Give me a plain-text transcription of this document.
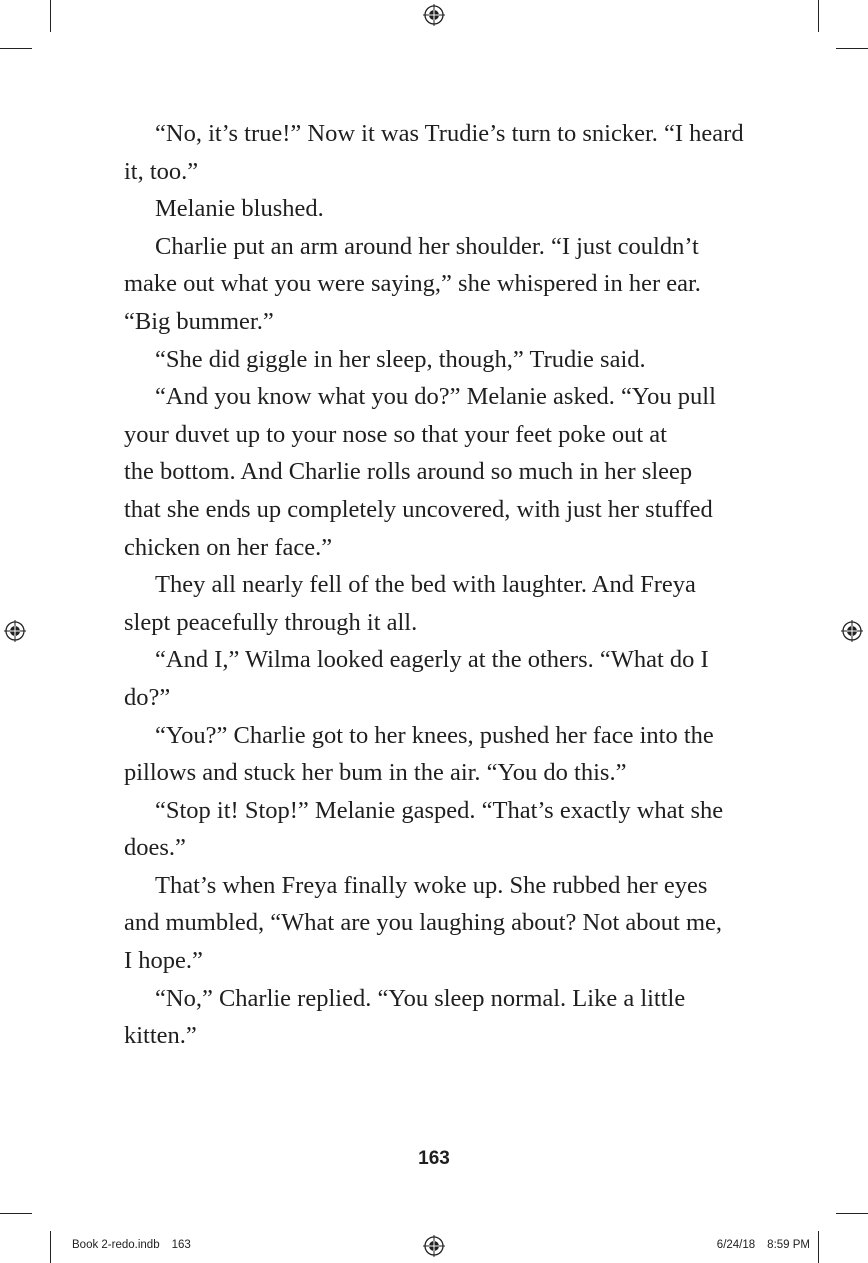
“No, it’s true!” Now it was Trudie’s turn to snicker. “I heard
it, too.”
Melanie blushed.
Charlie put an arm around her shoulder. “I just couldn’t
make out what you were saying,” she whispered in her ear.
“Big bummer.”
“She did giggle in her sleep, though,” Trudie said.
“And you know what you do?” Melanie asked. “You pull
your duvet up to your nose so that your feet poke out at
the bottom. And Charlie rolls around so much in her sleep
that she ends up completely uncovered, with just her stuffed
chicken on her face.”
They all nearly fell of the bed with laughter. And Freya
slept peacefully through it all.
“And I,” Wilma looked eagerly at the others. “What do I
do?”
“You?” Charlie got to her knees, pushed her face into the
pillows and stuck her bum in the air. “You do this.”
“Stop it! Stop!” Melanie gasped. “That’s exactly what she
does.”
That’s when Freya finally woke up. She rubbed her eyes
and mumbled, “What are you laughing about? Not about me,
I hope.”
“No,” Charlie replied. “You sleep normal. Like a little
kitten.”
163
Book 2-redo.indb 163	6/24/18 8:59 PM
